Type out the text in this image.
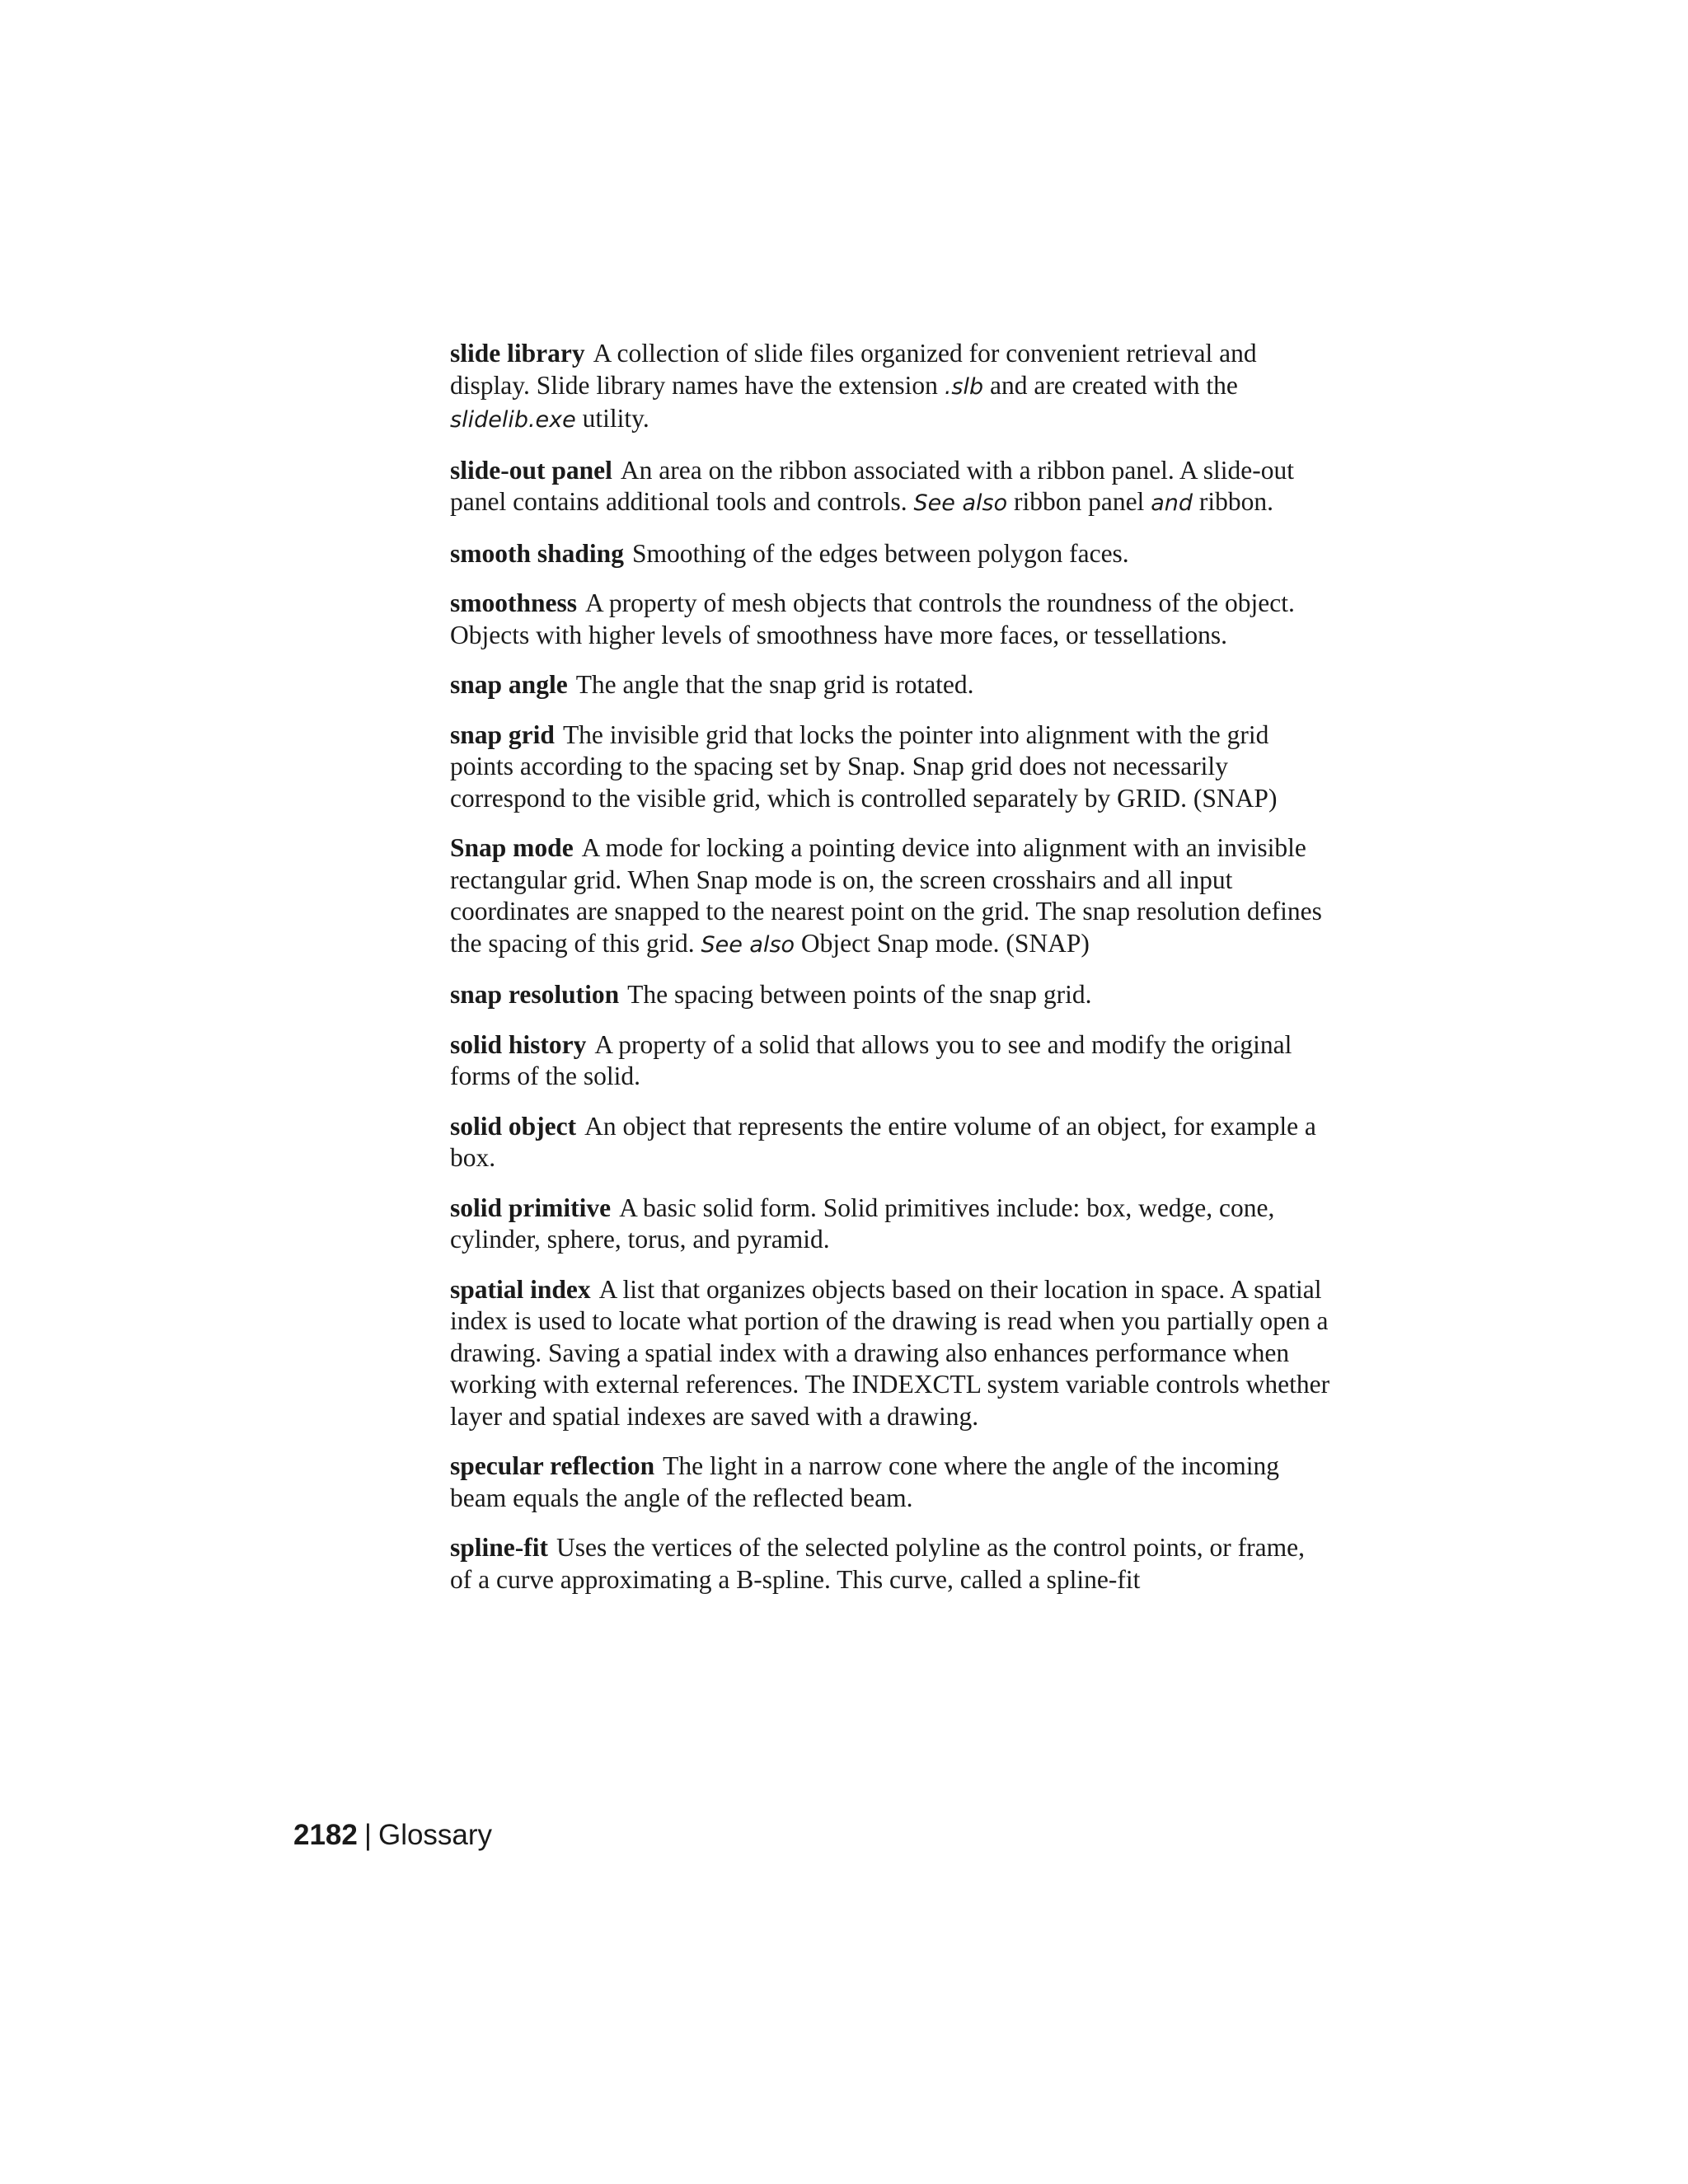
slide library A collection of slide files organized for convenient retrieval and display. Slide library names have the extension .slb and are created with the slidelib.exe utility.

slide-out panel An area on the ribbon associated with a ribbon panel. A slide-out panel contains additional tools and controls. See also ribbon panel and ribbon.

smooth shading Smoothing of the edges between polygon faces.

smoothness A property of mesh objects that controls the roundness of the object. Objects with higher levels of smoothness have more faces, or tessellations.

snap angle The angle that the snap grid is rotated.

snap grid The invisible grid that locks the pointer into alignment with the grid points according to the spacing set by Snap. Snap grid does not necessarily correspond to the visible grid, which is controlled separately by GRID. (SNAP)

Snap mode A mode for locking a pointing device into alignment with an invisible rectangular grid. When Snap mode is on, the screen crosshairs and all input coordinates are snapped to the nearest point on the grid. The snap resolution defines the spacing of this grid. See also Object Snap mode. (SNAP)

snap resolution The spacing between points of the snap grid.

solid history A property of a solid that allows you to see and modify the original forms of the solid.

solid object An object that represents the entire volume of an object, for example a box.

solid primitive A basic solid form. Solid primitives include: box, wedge, cone, cylinder, sphere, torus, and pyramid.

spatial index A list that organizes objects based on their location in space. A spatial index is used to locate what portion of the drawing is read when you partially open a drawing. Saving a spatial index with a drawing also enhances performance when working with external references. The INDEXCTL system variable controls whether layer and spatial indexes are saved with a drawing.

specular reflection The light in a narrow cone where the angle of the incoming beam equals the angle of the reflected beam.

spline-fit Uses the vertices of the selected polyline as the control points, or frame, of a curve approximating a B-spline. This curve, called a spline-fit

2182 | Glossary
